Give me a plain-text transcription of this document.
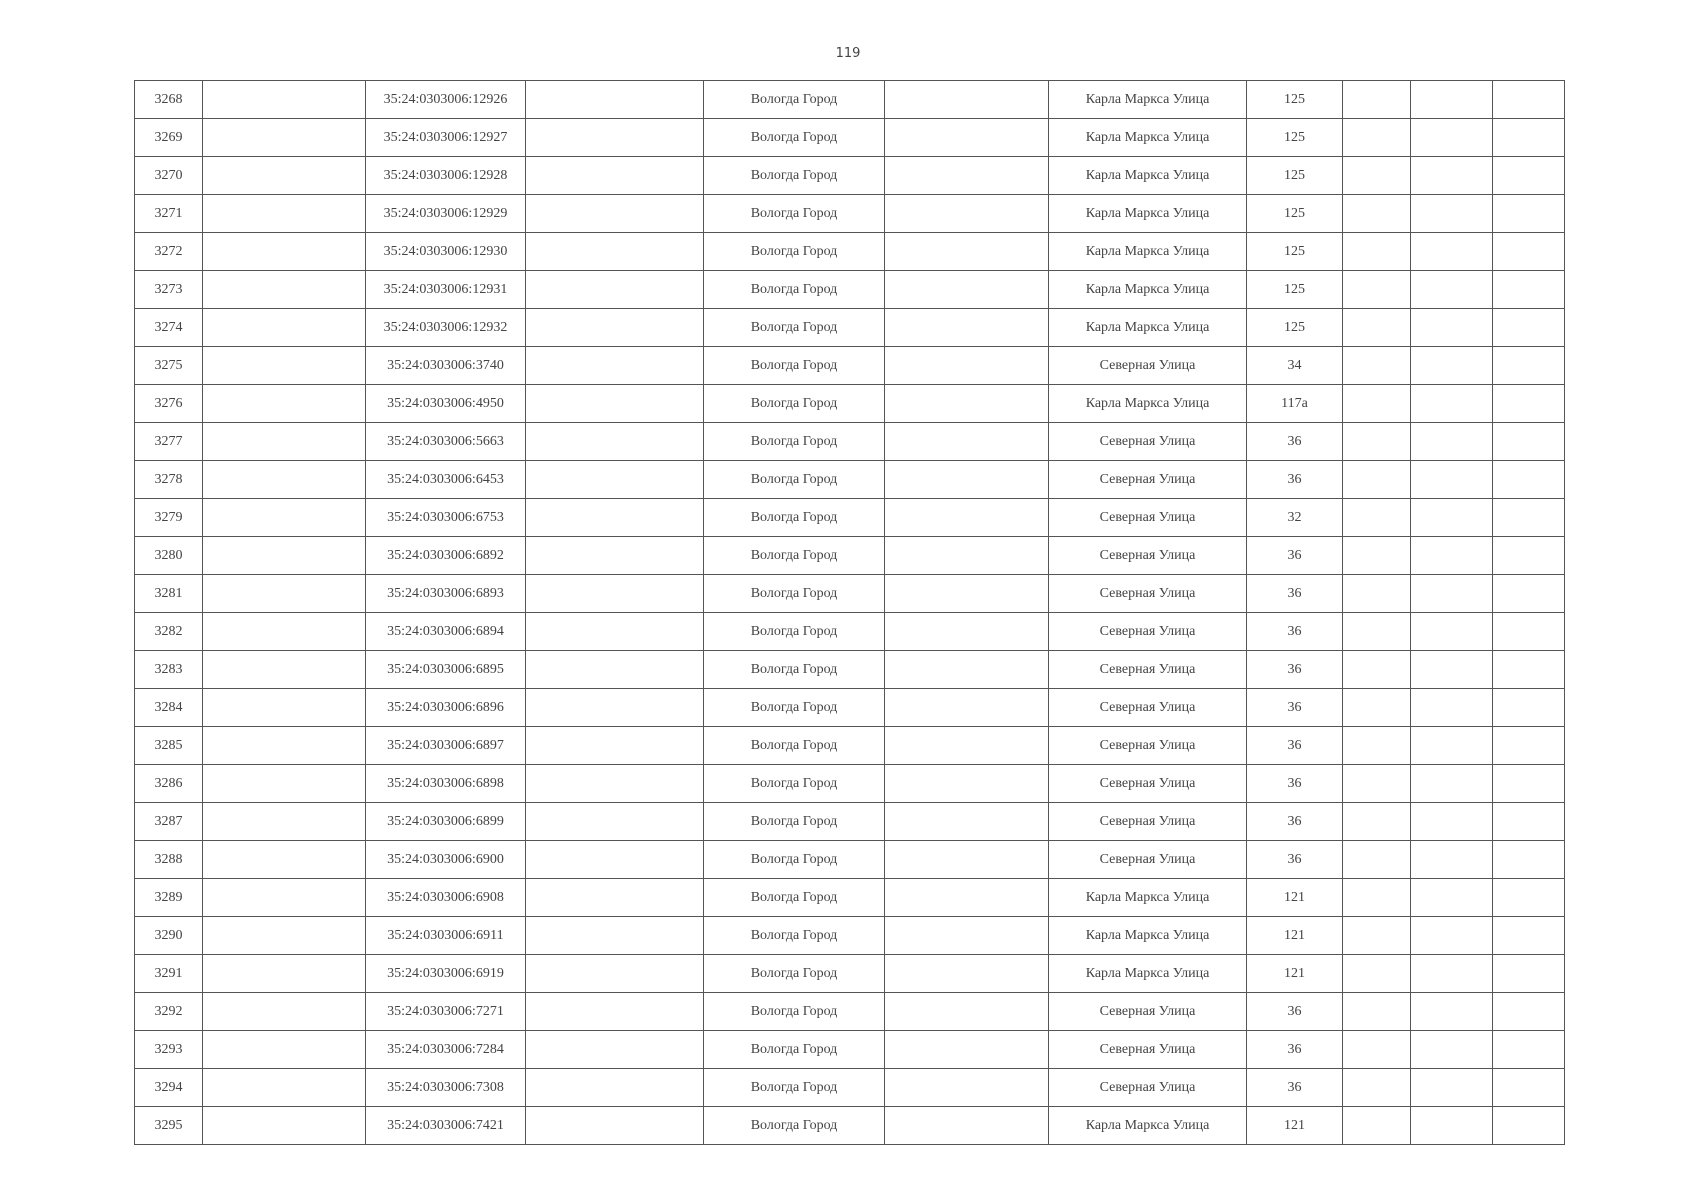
119
3268		35:24:0303006:12926		Вологда Город		Карла Маркса Улица	125			
3269		35:24:0303006:12927		Вологда Город		Карла Маркса Улица	125			
3270		35:24:0303006:12928		Вологда Город		Карла Маркса Улица	125			
3271		35:24:0303006:12929		Вологда Город		Карла Маркса Улица	125			
3272		35:24:0303006:12930		Вологда Город		Карла Маркса Улица	125			
3273		35:24:0303006:12931		Вологда Город		Карла Маркса Улица	125			
3274		35:24:0303006:12932		Вологда Город		Карла Маркса Улица	125			
3275		35:24:0303006:3740		Вологда Город		Северная Улица	34			
3276		35:24:0303006:4950		Вологда Город		Карла Маркса Улица	117а			
3277		35:24:0303006:5663		Вологда Город		Северная Улица	36			
3278		35:24:0303006:6453		Вологда Город		Северная Улица	36			
3279		35:24:0303006:6753		Вологда Город		Северная Улица	32			
3280		35:24:0303006:6892		Вологда Город		Северная Улица	36			
3281		35:24:0303006:6893		Вологда Город		Северная Улица	36			
3282		35:24:0303006:6894		Вологда Город		Северная Улица	36			
3283		35:24:0303006:6895		Вологда Город		Северная Улица	36			
3284		35:24:0303006:6896		Вологда Город		Северная Улица	36			
3285		35:24:0303006:6897		Вологда Город		Северная Улица	36			
3286		35:24:0303006:6898		Вологда Город		Северная Улица	36			
3287		35:24:0303006:6899		Вологда Город		Северная Улица	36			
3288		35:24:0303006:6900		Вологда Город		Северная Улица	36			
3289		35:24:0303006:6908		Вологда Город		Карла Маркса Улица	121			
3290		35:24:0303006:6911		Вологда Город		Карла Маркса Улица	121			
3291		35:24:0303006:6919		Вологда Город		Карла Маркса Улица	121			
3292		35:24:0303006:7271		Вологда Город		Северная Улица	36			
3293		35:24:0303006:7284		Вологда Город		Северная Улица	36			
3294		35:24:0303006:7308		Вологда Город		Северная Улица	36			
3295		35:24:0303006:7421		Вологда Город		Карла Маркса Улица	121			
